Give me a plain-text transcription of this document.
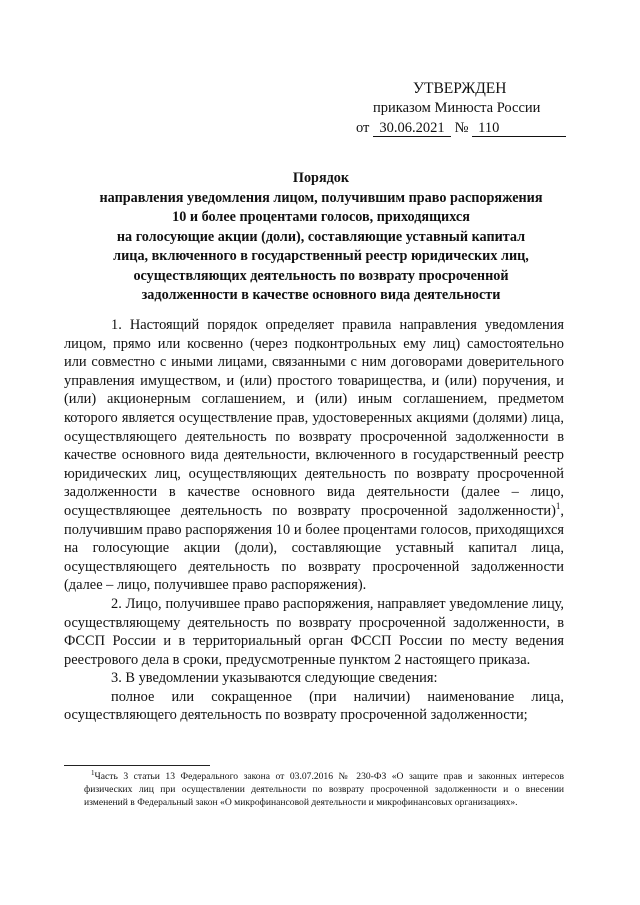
УТВЕРЖДЕН
приказом Минюста России
от 30.06.2021 № 110

Порядок

направления уведомления лицом, получившим право распоряжения

10 и более процентами голосов, приходящихся

на голосующие акции (доли), составляющие уставный капитал

лица, включенного в государственный реестр юридических лиц,

осуществляющих деятельность по возврату просроченной

задолженности в качестве основного вида деятельности

1. Настоящий порядок определяет правила направления уведомления лицом, прямо или косвенно (через подконтрольных ему лиц) самостоятельно или совместно с иными лицами, связанными с ним договорами доверительного управления имуществом, и (или) простого товарищества, и (или) поручения, и (или) акционерным соглашением, и (или) иным соглашением, предметом которого является осуществление прав, удостоверенных акциями (долями) лица, осуществляющего деятельность по возврату просроченной задолженности в качестве основного вида деятельности, включенного в государственный реестр юридических лиц, осуществляющих деятельность по возврату просроченной задолженности в качестве основного вида деятельности (далее – лицо, осуществляющее деятельность по возврату просроченной задолженности)$^1$, получившим право распоряжения 10 и более процентами голосов, приходящихся на голосующие акции (доли), составляющие уставный капитал лица, осуществляющего деятельность по возврату просроченной задолженности (далее – лицо, получившее право распоряжения).

2. Лицо, получившее право распоряжения, направляет уведомление лицу, осуществляющему деятельность по возврату просроченной задолженности, в ФССП России и в территориальный орган ФССП России по месту ведения реестрового дела в сроки, предусмотренные пунктом 2 настоящего приказа.

3. В уведомлении указываются следующие сведения:

полное или сокращенное (при наличии) наименование лица, осуществляющего деятельность по возврату просроченной задолженности;

$^1$Часть 3 статьи 13 Федерального закона от 03.07.2016 № 230-ФЗ «О защите прав и законных интересов физических лиц при осуществлении деятельности по возврату просроченной задолженности и о внесении изменений в Федеральный закон «О микрофинансовой деятельности и микрофинансовых организациях».
